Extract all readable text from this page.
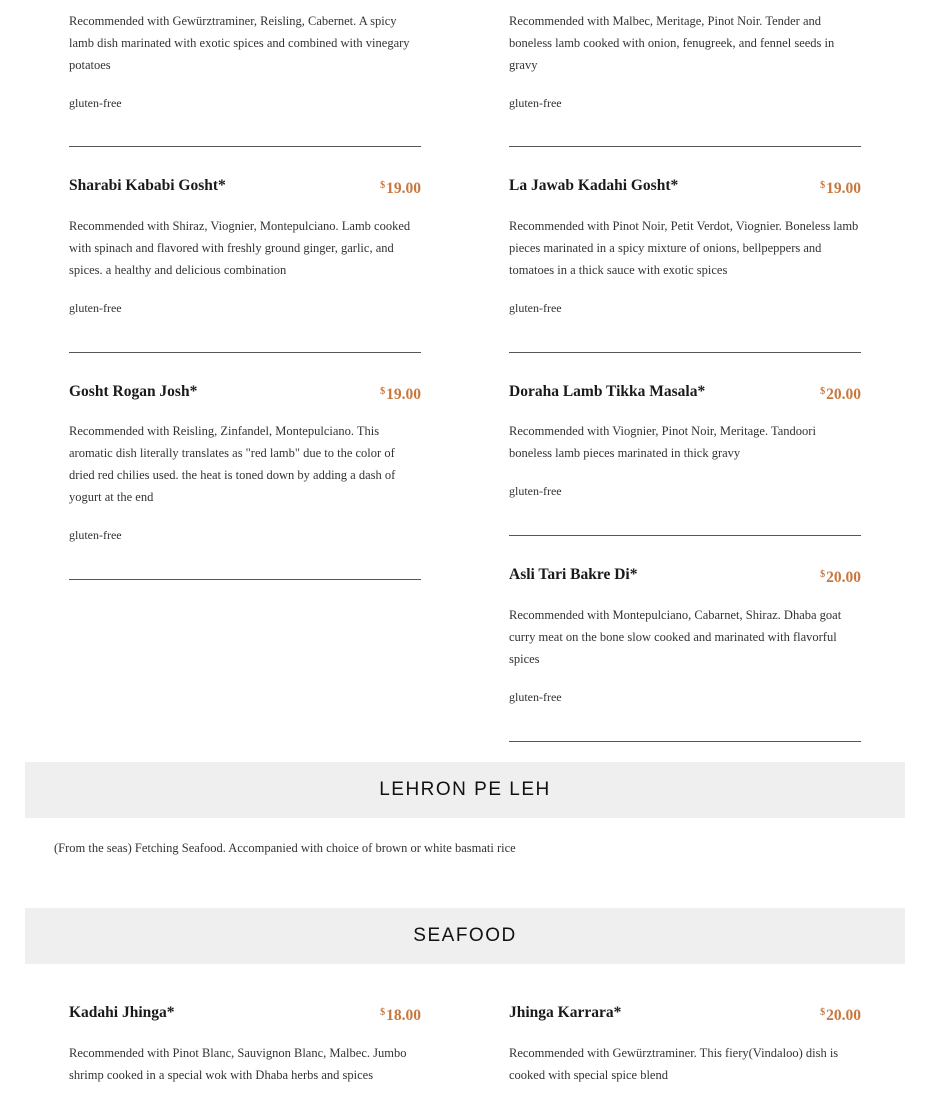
Recommended with Gewürztraminer, Reisling, Cabernet. A spicy lamb dish marinated with exotic spices and combined with vinegary potatoes

gluten-free
Sharabi Kababi Gosht*	$19.00

Recommended with Shiraz, Viognier, Montepulciano. Lamb cooked with spinach and flavored with freshly ground ginger, garlic, and spices. a healthy and delicious combination

gluten-free
Gosht Rogan Josh*	$19.00

Recommended with Reisling, Zinfandel, Montepulciano. This aromatic dish literally translates as "red lamb" due to the color of dried red chilies used. the heat is toned down by adding a dash of yogurt at the end

gluten-free

Recommended with Malbec, Meritage, Pinot Noir. Tender and boneless lamb cooked with onion, fenugreek, and fennel seeds in gravy

gluten-free
La Jawab Kadahi Gosht*	$19.00

Recommended with Pinot Noir, Petit Verdot, Viognier. Boneless lamb pieces marinated in a spicy mixture of onions, bellpeppers and tomatoes in a thick sauce with exotic spices

gluten-free
Doraha Lamb Tikka Masala*	$20.00

Recommended with Viognier, Pinot Noir, Meritage. Tandoori boneless lamb pieces marinated in thick gravy

gluten-free
Asli Tari Bakre Di*	$20.00

Recommended with Montepulciano, Cabarnet, Shiraz. Dhaba goat curry meat on the bone slow cooked and marinated with flavorful spices

gluten-free
LEHRON PE LEH
(From the seas) Fetching Seafood. Accompanied with choice of brown or white basmati rice
SEAFOOD
Kadahi Jhinga*	$18.00

Recommended with Pinot Blanc, Sauvignon Blanc, Malbec. Jumbo shrimp cooked in a special wok with Dhaba herbs and spices

Jhinga Karrara*	$20.00

Recommended with Gewürztraminer. This fiery(Vindaloo) dish is cooked with special spice blend
